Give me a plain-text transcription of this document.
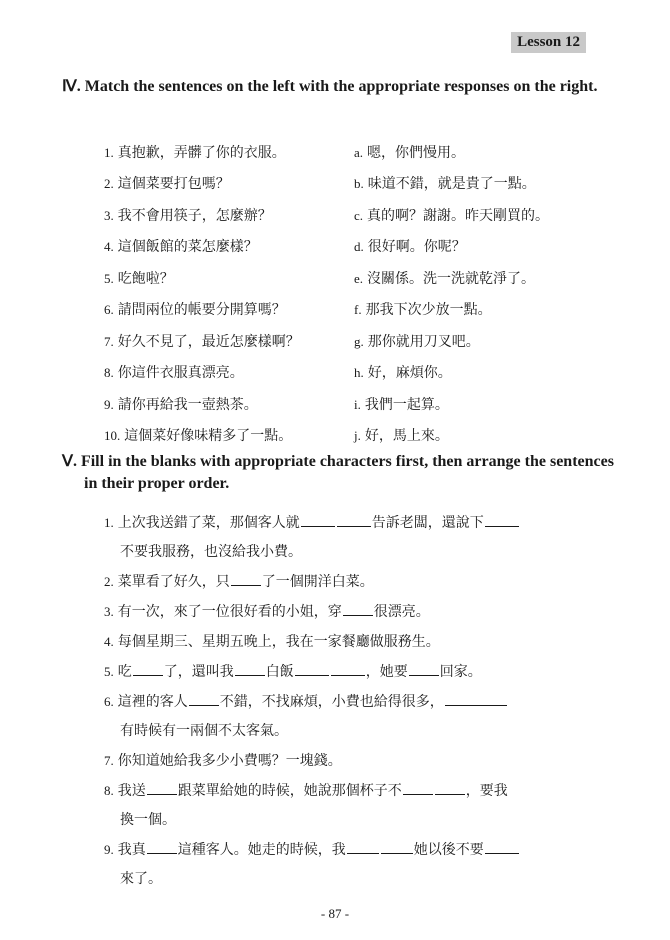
Lesson 12
Ⅳ. Match the sentences on the left with the appropriate responses on the right.
1. 真抱歉，弄髒了你的衣服。	a. 嗯，你們慢用。
2. 這個菜要打包嗎？	b. 味道不錯，就是貴了一點。
3. 我不會用筷子，怎麼辦？	c. 真的啊？謝謝。昨天剛買的。
4. 這個飯館的菜怎麼樣？	d. 很好啊。你呢？
5. 吃飽啦？	e. 沒關係。洗一洗就乾淨了。
6. 請問兩位的帳要分開算嗎？	f. 那我下次少放一點。
7. 好久不見了，最近怎麼樣啊？	g. 那你就用刀叉吧。
8. 你這件衣服真漂亮。	h. 好，麻煩你。
9. 請你再給我一壺熱茶。	i. 我們一起算。
10. 這個菜好像味精多了一點。	j. 好，馬上來。
Ⅴ. Fill in the blanks with appropriate characters first, then arrange the sentences in their proper order.
1. 上次我送錯了菜，那個客人就	告訴老闆，還說下
不要我服務，也沒給我小費。
2. 菜單看了好久，只 了一個開洋白菜。
3. 有一次，來了一位很好看的小姐，穿 很漂亮。
4. 每個星期三、星期五晚上，我在一家餐廳做服務生。
5. 吃 了，還叫我 白飯	，她要 回家。
6. 這裡的客人 不錯，不找麻煩，小費也給得很多，
有時候有一兩個不太客氣。
7. 你知道她給我多少小費嗎？一塊錢。
8. 我送 跟菜單給她的時候，她說那個杯子不	，要我
換一個。
9. 我真 這種客人。她走的時候，我	她以後不要
來了。
- 87 -
